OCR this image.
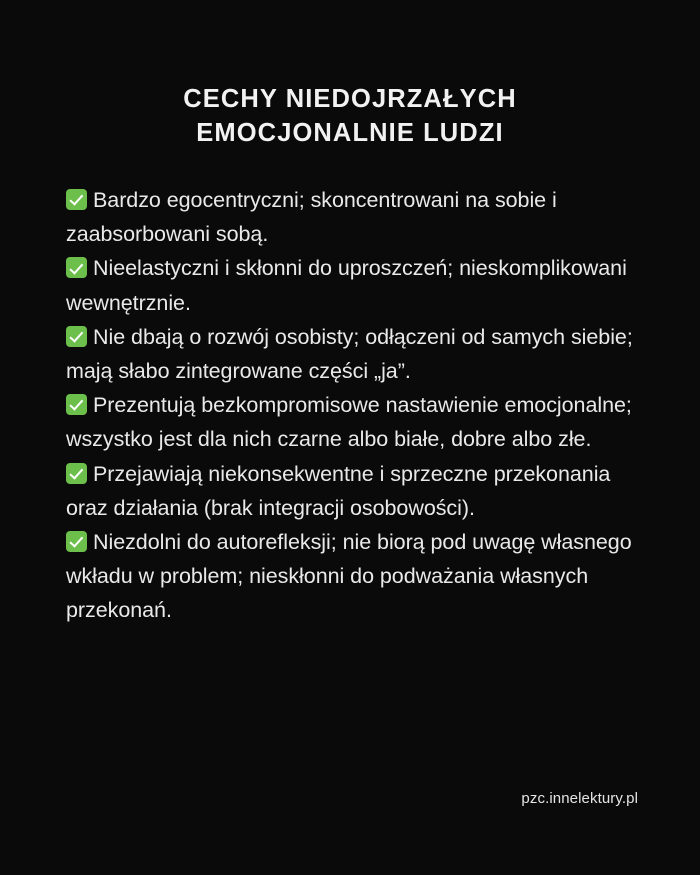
CECHY NIEDOJRZAŁYCH
EMOCJONALNIE LUDZI
Bardzo egocentryczni; skoncentrowani na sobie i zaabsorbowani sobą.
Nieelastyczni i skłonni do uproszczeń; nieskomplikowani wewnętrznie.
Nie dbają o rozwój osobisty; odłączeni od samych siebie; mają słabo zintegrowane części „ja”.
Prezentują bezkompromisowe nastawienie emocjonalne; wszystko jest dla nich czarne albo białe, dobre albo złe.
Przejawiają niekonsekwentne i sprzeczne przekonania oraz działania (brak integracji osobowości).
Niezdolni do autorefleksji; nie biorą pod uwagę własnego wkładu w problem; nieskłonni do podważania własnych przekonań.
pzc.innelektury.pl
